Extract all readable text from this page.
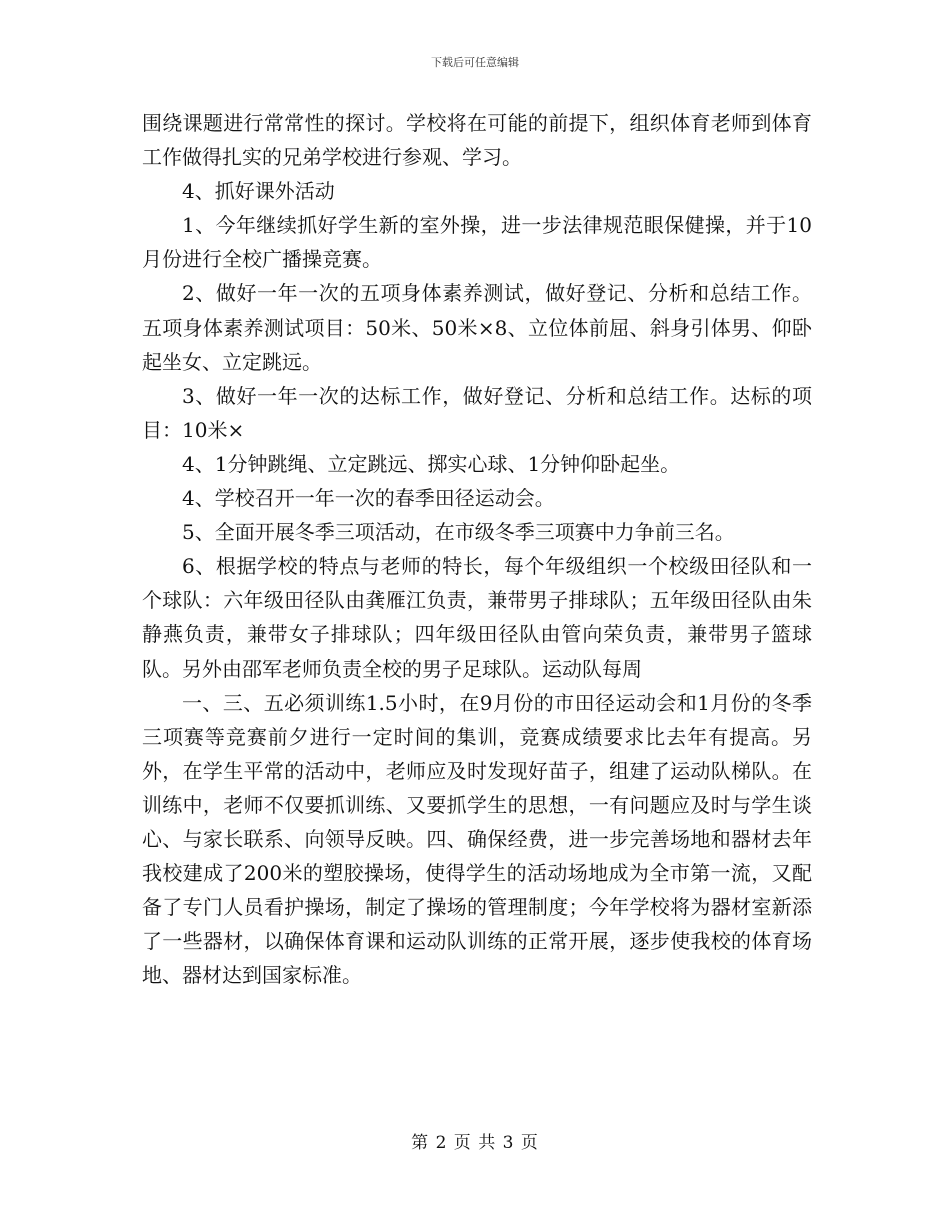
下载后可任意编辑

围绕课题进行常常性的探讨。学校将在可能的前提下，组织体育老师到体育工作做得扎实的兄弟学校进行参观、学习。

4、抓好课外活动

1、今年继续抓好学生新的室外操，进一步法律规范眼保健操，并于10月份进行全校广播操竞赛。

2、做好一年一次的五项身体素养测试，做好登记、分析和总结工作。五项身体素养测试项目：50米、50米×8、立位体前屈、斜身引体男、仰卧起坐女、立定跳远。

3、做好一年一次的达标工作，做好登记、分析和总结工作。达标的项目：10米×

4、1分钟跳绳、立定跳远、掷实心球、1分钟仰卧起坐。

4、学校召开一年一次的春季田径运动会。

5、全面开展冬季三项活动，在市级冬季三项赛中力争前三名。

6、根据学校的特点与老师的特长，每个年级组织一个校级田径队和一个球队：六年级田径队由龚雁江负责，兼带男子排球队；五年级田径队由朱静燕负责，兼带女子排球队；四年级田径队由管向荣负责，兼带男子篮球队。另外由邵军老师负责全校的男子足球队。运动队每周

一、三、五必须训练1.5小时，在9月份的市田径运动会和1月份的冬季三项赛等竞赛前夕进行一定时间的集训，竞赛成绩要求比去年有提高。另外，在学生平常的活动中，老师应及时发现好苗子，组建了运动队梯队。在训练中，老师不仅要抓训练、又要抓学生的思想，一有问题应及时与学生谈心、与家长联系、向领导反映。四、确保经费，进一步完善场地和器材去年我校建成了200米的塑胶操场，使得学生的活动场地成为全市第一流，又配备了专门人员看护操场，制定了操场的管理制度；今年学校将为器材室新添了一些器材，以确保体育课和运动队训练的正常开展，逐步使我校的体育场地、器材达到国家标准。

第 2 页 共 3 页
